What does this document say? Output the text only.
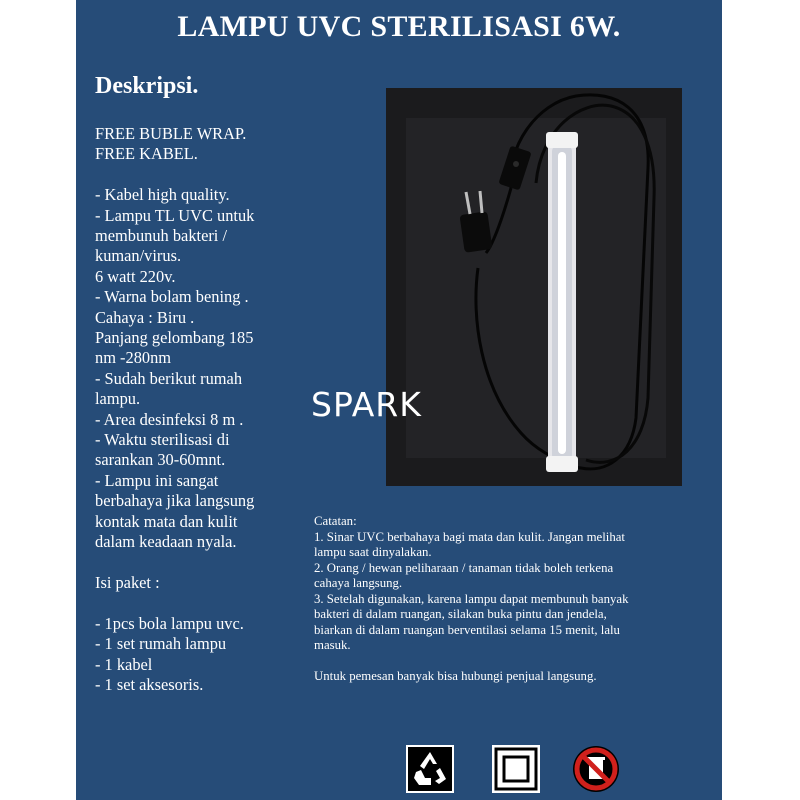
LAMPU UVC STERILISASI 6W.
Deskripsi.
FREE BUBLE WRAP.
FREE KABEL.
- Kabel high quality.
- Lampu TL UVC untuk
membunuh bakteri /
kuman/virus.
6 watt 220v.
- Warna bolam bening .
Cahaya : Biru .
Panjang gelombang 185
nm -280nm
- Sudah berikut rumah
lampu.
- Area desinfeksi 8 m .
- Waktu sterilisasi di
sarankan 30-60mnt.
- Lampu ini sangat
berbahaya jika langsung
kontak mata dan kulit
dalam keadaan nyala.
Isi paket :
- 1pcs bola lampu uvc.
- 1 set rumah lampu
- 1 kabel
- 1 set aksesoris.
SPARK
Catatan:
1. Sinar UVC berbahaya bagi mata dan kulit. Jangan melihat
lampu saat dinyalakan.
2. Orang / hewan peliharaan / tanaman tidak boleh terkena
cahaya langsung.
3. Setelah digunakan, karena lampu dapat membunuh banyak
bakteri di dalam ruangan, silakan buka pintu dan jendela,
biarkan di dalam ruangan berventilasi selama 15 menit, lalu
masuk.
Untuk pemesan banyak bisa hubungi penjual langsung.
